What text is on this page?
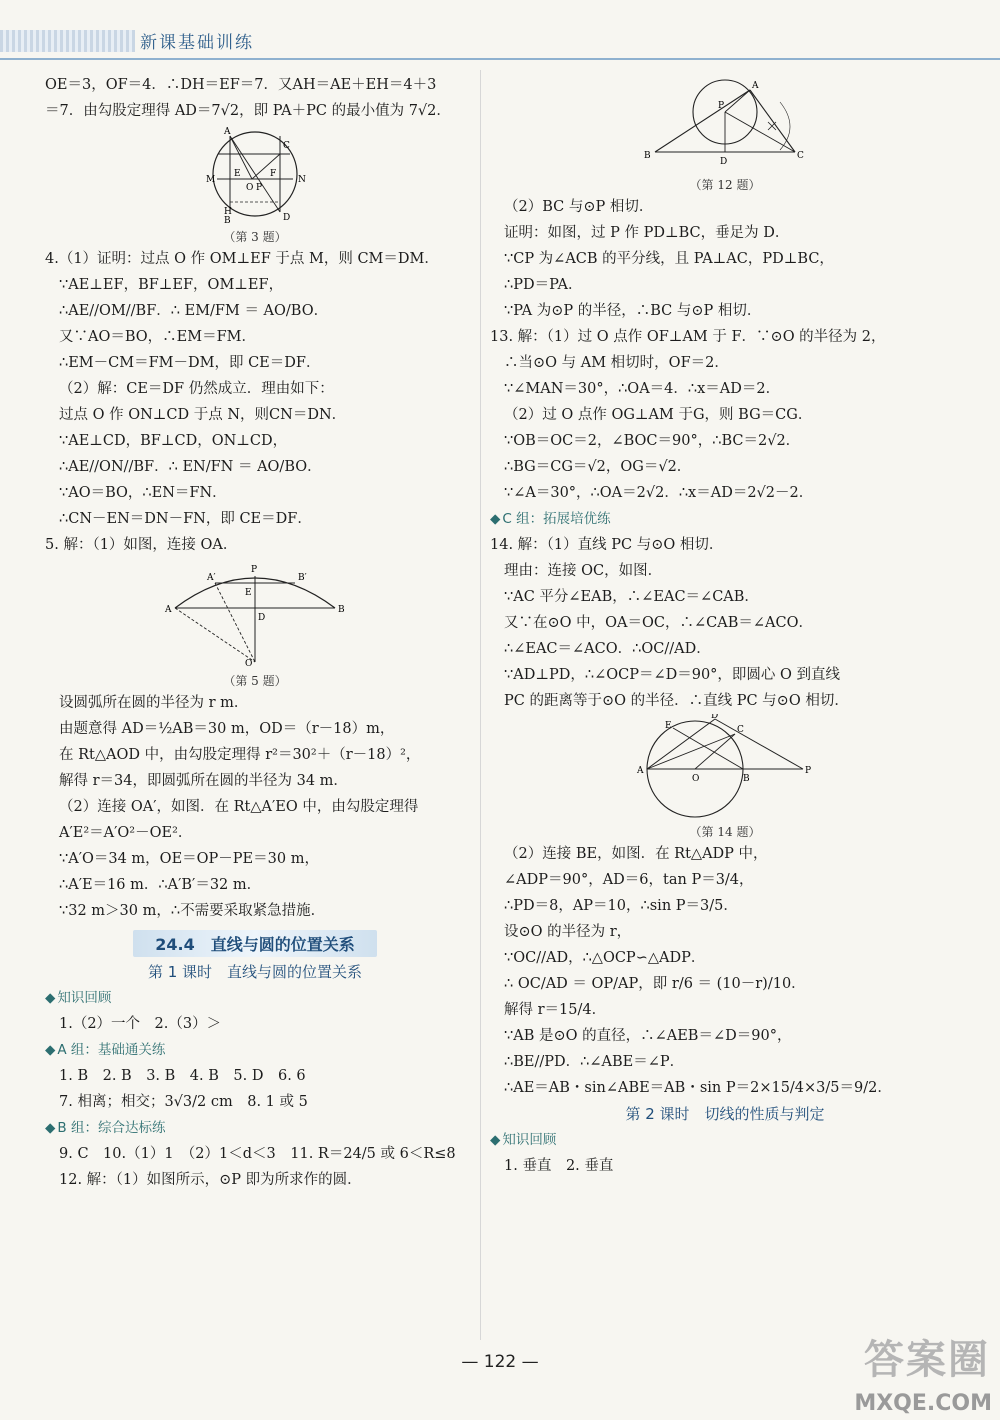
新课基础训练
OE＝3，OF＝4．∴DH＝EF＝7．又AH＝AE＋EH＝4＋3
＝7．由勾股定理得 AD＝7√2，即 PA＋PC 的最小值为 7√2．
A
C
M	N
E	F
O P
H
B	D
（第 3 题）
4.（1）证明：过点 O 作 OM⊥EF 于点 M，则 CM＝DM．
∵AE⊥EF，BF⊥EF，OM⊥EF，
∴AE//OM//BF．∴ EM/FM ＝ AO/BO．
又∵AO＝BO，∴EM＝FM．
∴EM－CM＝FM－DM，即 CE＝DF．
（2）解：CE＝DF 仍然成立．理由如下：
过点 O 作 ON⊥CD 于点 N，则CN＝DN．
∵AE⊥CD，BF⊥CD，ON⊥CD，
∴AE//ON//BF．∴ EN/FN ＝ AO/BO．
∵AO＝BO，∴EN＝FN．
∴CN－EN＝DN－FN，即 CE＝DF．
5. 解：（1）如图，连接 OA．
P
A′	B′
E
A	B
D
O
（第 5 题）
设圆弧所在圆的半径为 r m．
由题意得 AD＝½AB＝30 m，OD＝（r－18）m，
在 Rt△AOD 中，由勾股定理得 r²＝30²＋（r－18）²，
解得 r＝34，即圆弧所在圆的半径为 34 m．
（2）连接 OA′，如图．在 Rt△A′EO 中，由勾股定理得
A′E²＝A′O²－OE²．
∵A′O＝34 m，OE＝OP－PE＝30 m，
∴A′E＝16 m．∴A′B′＝32 m．
∵32 m＞30 m，∴不需要采取紧急措施．
24.4　直线与圆的位置关系
第 1 课时　直线与圆的位置关系
◆ 知识回顾
1.（2）一个　2.（3）＞
◆ A 组：基础通关练
1. B　2. B　3. B　4. B　5. D　6. 6
7. 相离；相交；3√3/2 cm　8. 1 或 5
◆ B 组：综合达标练
9. C　10.（1）1　（2）1＜d＜3　11. R＝24/5 或 6＜R≤8
12. 解：（1）如图所示，⊙P 即为所求作的圆．
A
P
B
D
C
（第 12 题）
（2）BC 与⊙P 相切．
证明：如图，过 P 作 PD⊥BC，垂足为 D．
∵CP 为∠ACB 的平分线，且 PA⊥AC，PD⊥BC，
∴PD＝PA．
∵PA 为⊙P 的半径，∴BC 与⊙P 相切．
13. 解：（1）过 O 点作 OF⊥AM 于 F．∵⊙O 的半径为 2，
∴当⊙O 与 AM 相切时，OF＝2．
∵∠MAN＝30°，∴OA＝4．∴x＝AD＝2．
（2）过 O 点作 OG⊥AM 于G，则 BG＝CG．
∵OB＝OC＝2，∠BOC＝90°，∴BC＝2√2．
∴BG＝CG＝√2，OG＝√2．
∵∠A＝30°，∴OA＝2√2．∴x＝AD＝2√2－2．
◆ C 组：拓展培优练
14. 解：（1）直线 PC 与⊙O 相切．
理由：连接 OC，如图．
∵AC 平分∠EAB，∴∠EAC＝∠CAB．
又∵在⊙O 中，OA＝OC，∴∠CAB＝∠ACO．
∴∠EAC＝∠ACO．∴OC//AD．
∵AD⊥PD，∴∠OCP＝∠D＝90°，即圆心 O 到直线
PC 的距离等于⊙O 的半径．∴直线 PC 与⊙O 相切．
D
E	C
A
O	B
P
（第 14 题）
（2）连接 BE，如图．在 Rt△ADP 中，
∠ADP＝90°，AD＝6，tan P＝3/4，
∴PD＝8，AP＝10，∴sin P＝3/5．
设⊙O 的半径为 r，
∵OC//AD，∴△OCP∽△ADP．
∴ OC/AD ＝ OP/AP，即 r/6 ＝ (10－r)/10．
解得 r＝15/4．
∵AB 是⊙O 的直径，∴∠AEB＝∠D＝90°，
∴BE//PD．∴∠ABE＝∠P．
∴AE＝AB・sin∠ABE＝AB・sin P＝2×15/4×3/5＝9/2．
第 2 课时　切线的性质与判定
◆ 知识回顾
1. 垂直　2. 垂直
— 122 —	答案圈
MXQE.COM
